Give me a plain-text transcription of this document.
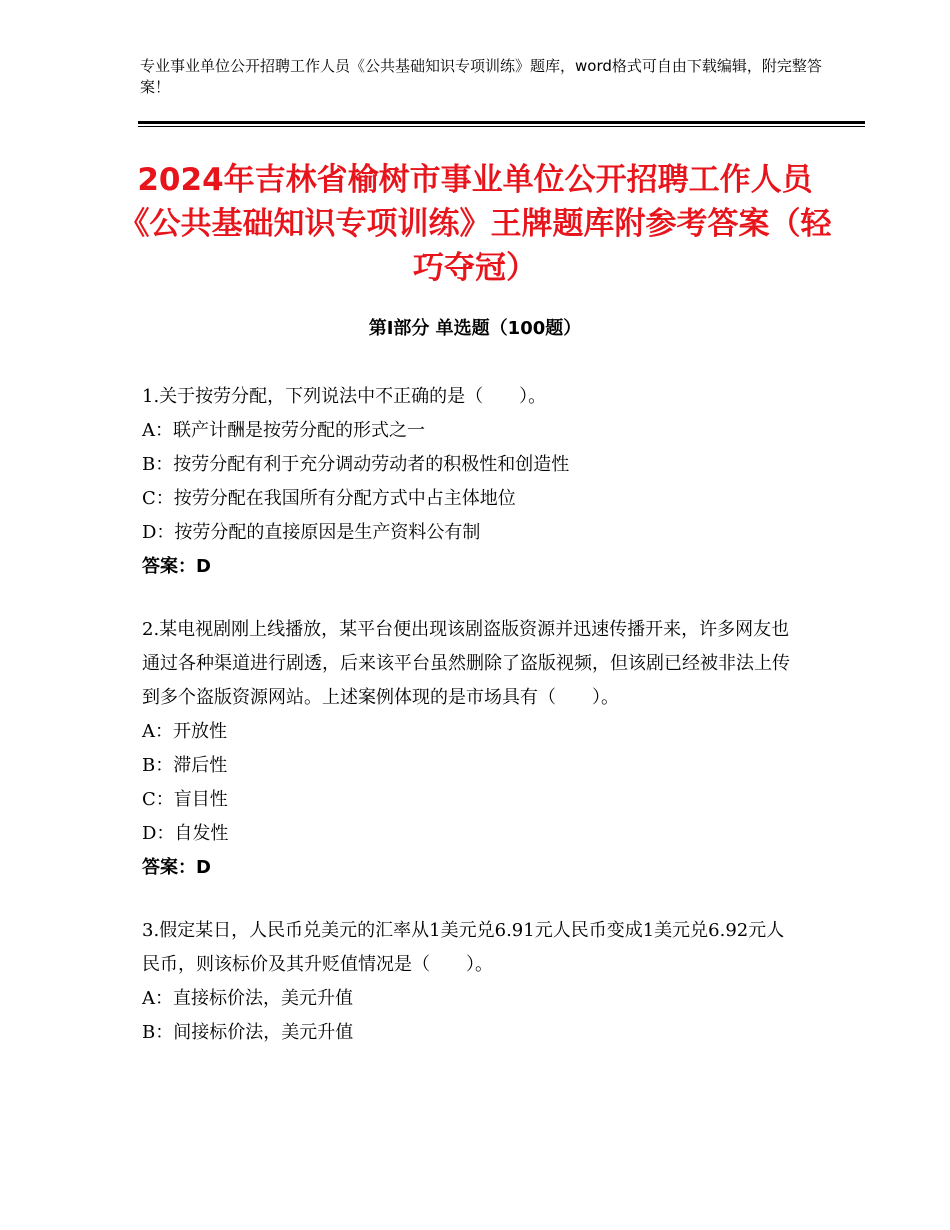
专业事业单位公开招聘工作人员《公共基础知识专项训练》题库，word格式可自由下载编辑，附完整答案！
2024年吉林省榆树市事业单位公开招聘工作人员《公共基础知识专项训练》王牌题库附参考答案（轻巧夺冠）
第Ⅰ部分 单选题（100题）

1.关于按劳分配，下列说法中不正确的是（　　）。

A：联产计酬是按劳分配的形式之一

B：按劳分配有利于充分调动劳动者的积极性和创造性

C：按劳分配在我国所有分配方式中占主体地位

D：按劳分配的直接原因是生产资料公有制

答案：D

2.某电视剧刚上线播放，某平台便出现该剧盗版资源并迅速传播开来，许多网友也通过各种渠道进行剧透，后来该平台虽然删除了盗版视频，但该剧已经被非法上传到多个盗版资源网站。上述案例体现的是市场具有（　　）。

A：开放性

B：滞后性

C：盲目性

D：自发性

答案：D

3.假定某日，人民币兑美元的汇率从1美元兑6.91元人民币变成1美元兑6.92元人民币，则该标价及其升贬值情况是（　　）。

A：直接标价法，美元升值

B：间接标价法，美元升值
